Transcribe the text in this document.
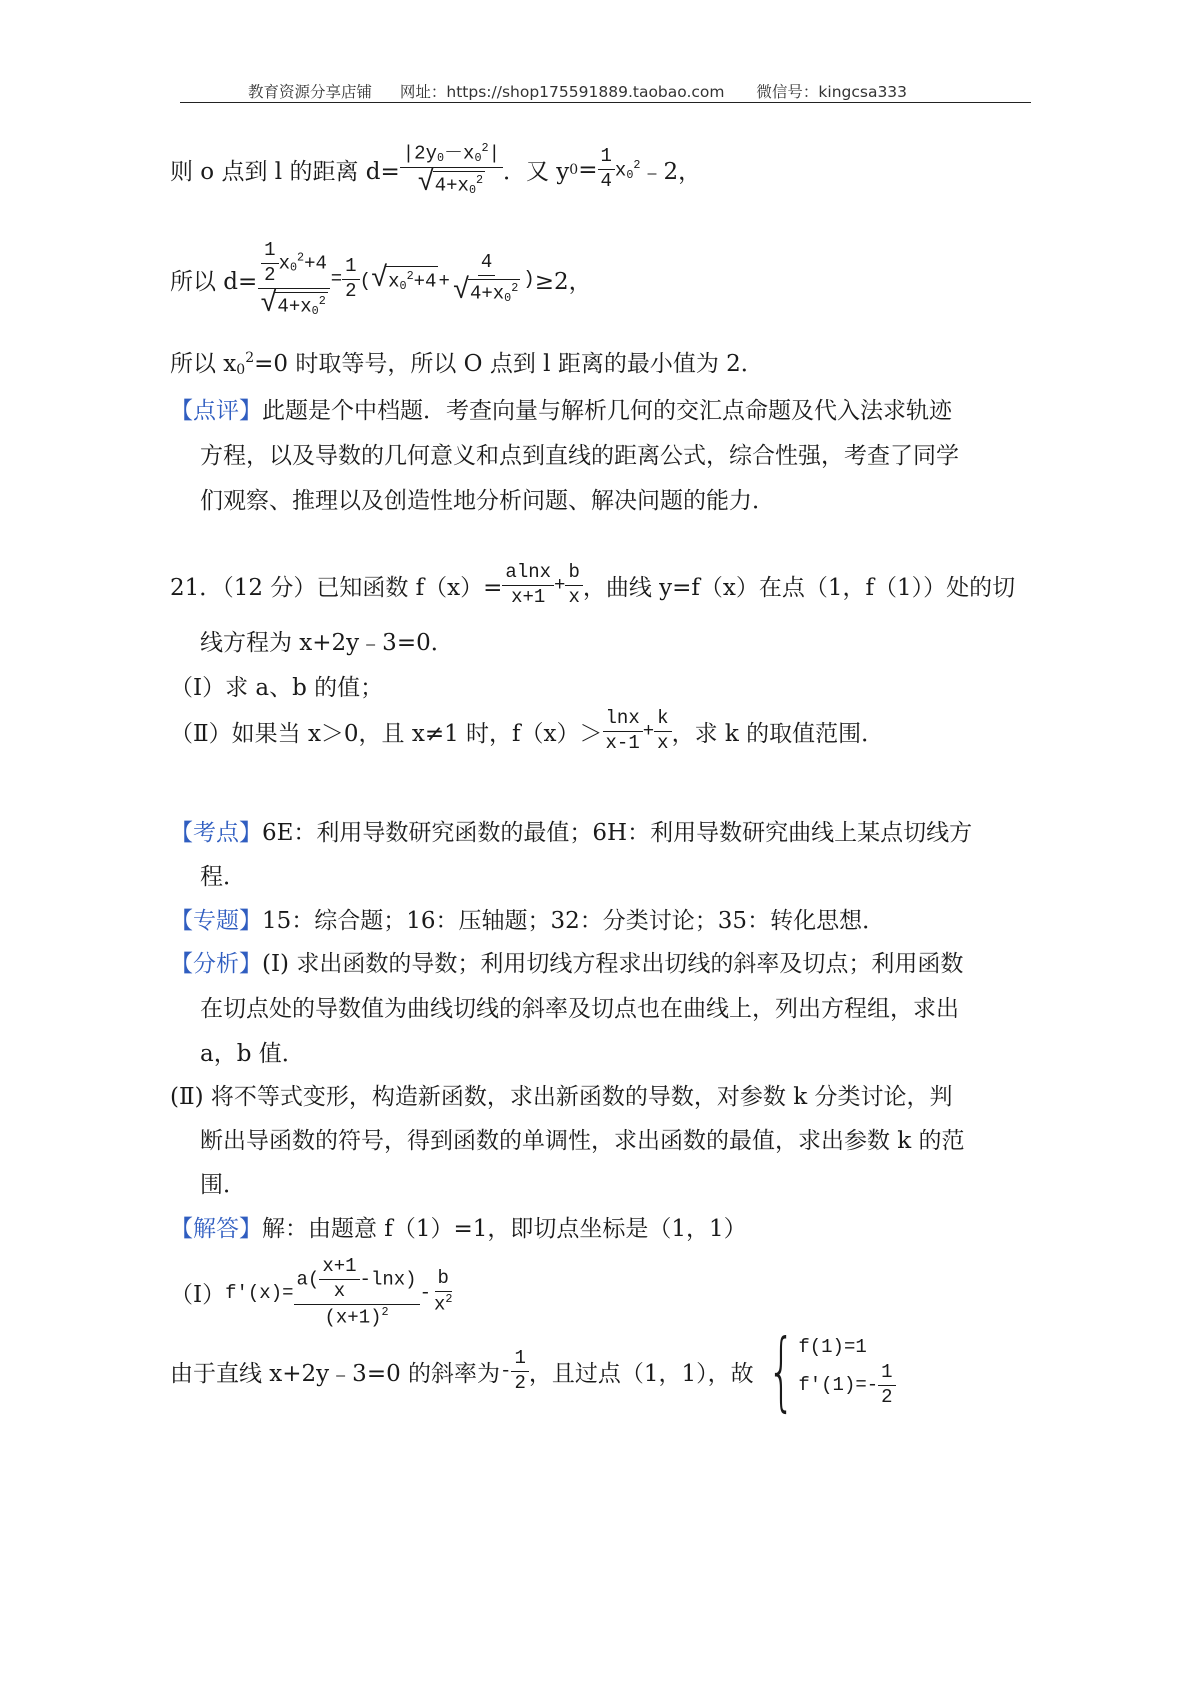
教育资源分享店铺 网址：https://shop175591889.taobao.com 微信号：kingcsa333
则 o 点到 l 的距离 $d= \frac{|2y_0-x_0^2|}{√ 4+x_0^2}$ ．又 y $0 = \frac{1}{4} x_0^2$ ﹣2，
所以 $d= \frac{\frac{1}{2} x_0^2+4}{√ 4+x_0^2} = \frac{1}{2}$ ( √ $x_0^2+4 + \frac{4}{√ 4+x_0^2}$ ) ≥2，
所以 $x_0^2=0$ 时取等号，所以 O 点到 l 距离的最小值为 2．
【点评】此题是个中档题．考查向量与解析几何的交汇点命题及代入法求轨迹
方程，以及导数的几何意义和点到直线的距离公式，综合性强，考查了同学
们观察、推理以及创造性地分析问题、解决问题的能力．
21．（12 分）已知函数 $f(x)= \frac{alnx}{x+1} + \frac{b}{x}$ ，曲线 y=f（x）在点（1，f（1））处的切
线方程为 x+2y﹣3=0．
（Ⅰ）求 a、b 的值；
（Ⅱ）如果当 x＞0，且 x≠1 时，$f(x)> \frac{\ln x}{x-1} + \frac{k}{x}$ ，求 k 的取值范围．
【考点】6E：利用导数研究函数的最值；6H：利用导数研究曲线上某点切线方
程．
【专题】15：综合题；16：压轴题；32：分类讨论；35：转化思想．
【分析】(Ⅰ) 求出函数的导数；利用切线方程求出切线的斜率及切点；利用函数
在切点处的导数值为曲线切线的斜率及切点也在曲线上，列出方程组，求出
a，b 值．
(Ⅱ) 将不等式变形，构造新函数，求出新函数的导数，对参数 k 分类讨论，判
断出导函数的符号，得到函数的单调性，求出函数的最值，求出参数 k 的范
围．
【解答】解：由题意 f（1）=1，即切点坐标是（1，1）
（Ⅰ） $f'(x)= \frac{a( \frac{x+1}{x} -\ln x)}{(x+1)^2} - \frac{b}{x^2}$
由于直线 x+2y﹣3=0 的斜率为 - $\frac{1}{2}$ ，且过点（1，1），故 { f(1)=1
$f'(1)=- \frac{1}{2}$
